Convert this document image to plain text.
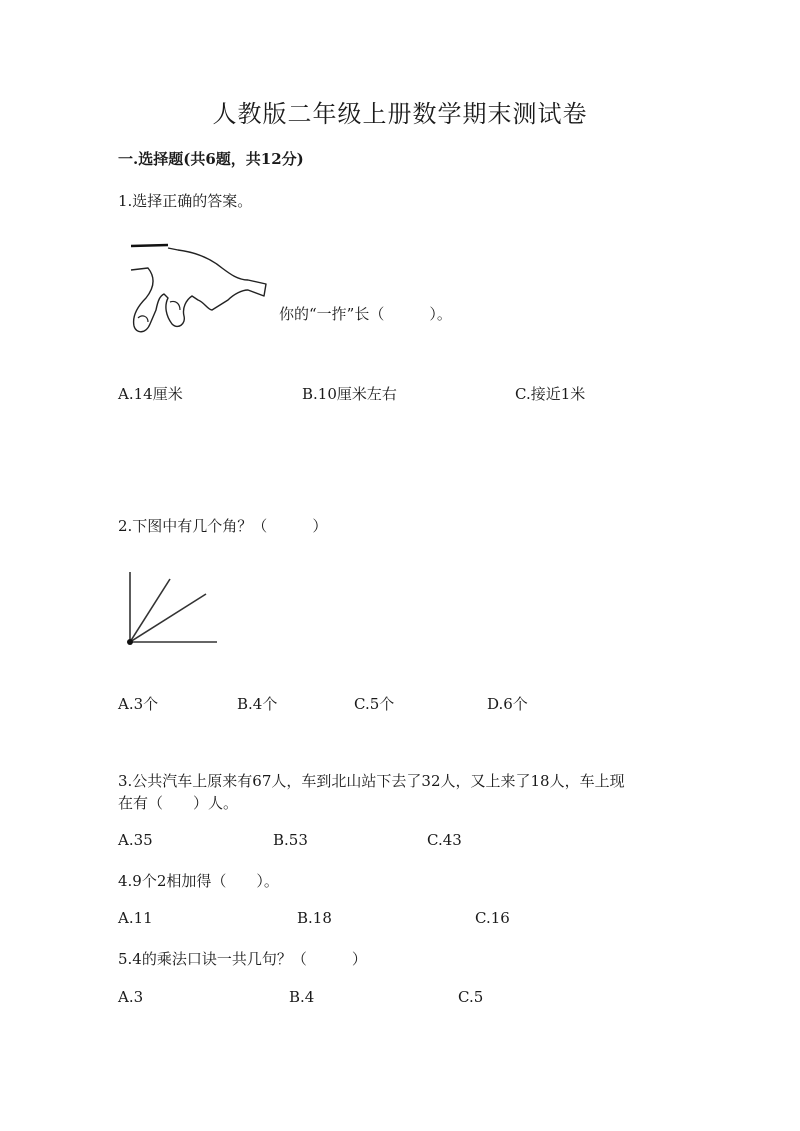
人教版二年级上册数学期末测试卷
一.选择题(共6题，共12分)
1.选择正确的答案。
你的“一拃”长（　　　）。
A.14厘米	B.10厘米左右	C.接近1米
2.下图中有几个角？（　　　）
A.3个	B.4个	C.5个	D.6个
3.公共汽车上原来有67人，车到北山站下去了32人，又上来了18人，车上现
在有（　　）人。
A.35	B.53	C.43
4.9个2相加得（　　）。
A.11	B.18	C.16
5.4的乘法口诀一共几句？（　　　）
A.3	B.4	C.5
